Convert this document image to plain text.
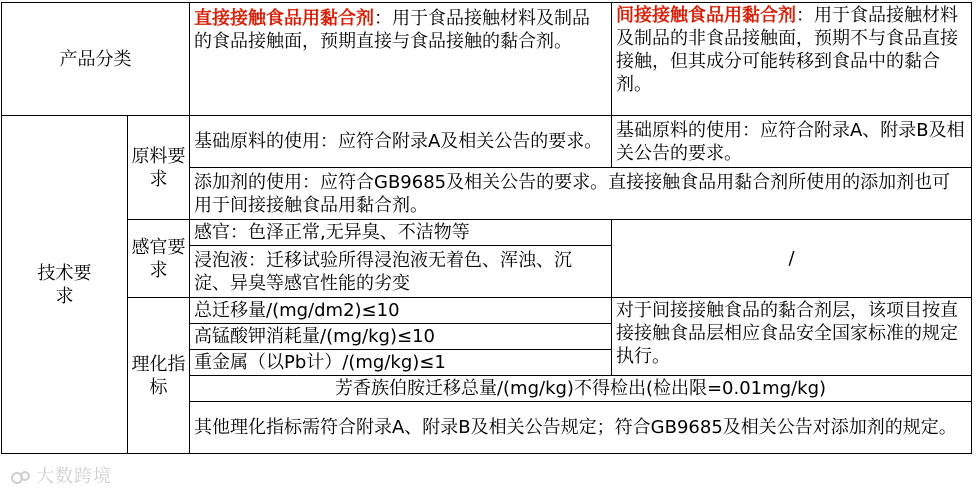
产品分类		直接接触食品用黏合剂：用于食品接触材料及制品的食品接触面，预期直接与食品接触的黏合剂。	间接接触食品用黏合剂：用于食品接触材料及制品的非食品接触面，预期不与食品直接接触，但其成分可能转移到食品中的黏合剂。
技术要求	原料要求	基础原料的使用：应符合附录A及相关公告的要求。	基础原料的使用：应符合附录A、附录B及相关公告的要求。
		添加剂的使用：应符合GB9685及相关公告的要求。直接接触食品用黏合剂所使用的添加剂也可用于间接接触食品用黏合剂。	
	感官要求	感官：色泽正常,无异臭、不洁物等	/
		浸泡液：迁移试验所得浸泡液无着色、浑浊、沉淀、异臭等感官性能的劣变	
	理化指标	总迁移量/(mg/dm2)≤10	对于间接接触食品的黏合剂层，该项目按直接接触食品层相应食品安全国家标准的规定执行。
		高锰酸钾消耗量/(mg/kg)≤10	
		重金属（以Pb计）/(mg/kg)≤1	
		芳香族伯胺迁移总量/(mg/kg)不得检出(检出限=0.01mg/kg)	
		其他理化指标需符合附录A、附录B及相关公告规定；符合GB9685及相关公告对添加剂的规定。	
大数跨境
